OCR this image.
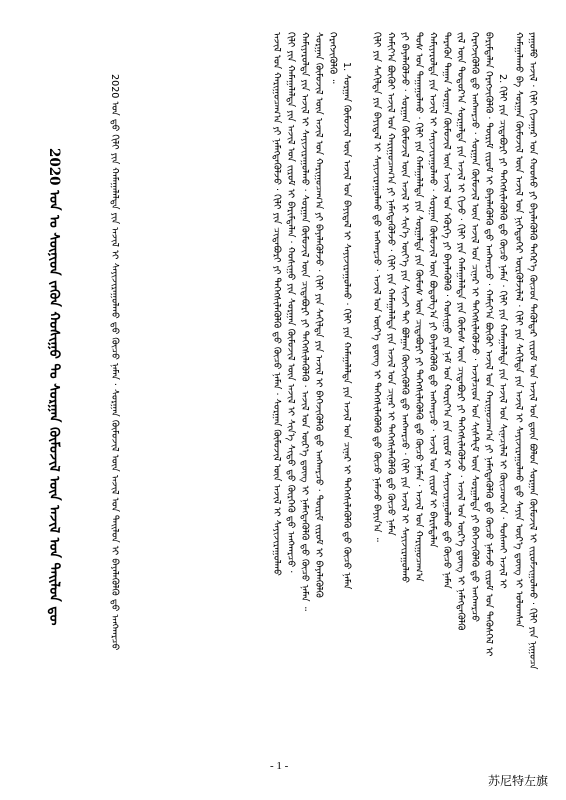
ᠶᠠᠭᠤᠮᠤ ᠠᠵᠢᠯ · ᠬᠢᠯᠢ ᠬᠢᠵᠠᠭᠠᠷ ᠤᠨ ᠬᠣᠤᠰᠤ ᠶᠢ ᠪᠡᠶᠡᠯᠡᠭᠦᠯᠬᠦ ᠳᠡᠭᠡᠷ᠎ᠡ ᠬᠦᠴᠦᠨ ᠲᠡᠭᠦᠯᠳᠡᠷ ᠵᠢᠷᠤᠮ ᠤᠨ ᠠᠵᠢᠯ ᠤᠨ ᠳ᠋ᠦᠨ ᠪᠣᠯᠤᠨ ᠰᠤᠷᠭᠠᠨ ᠬᠦᠮᠦᠵᠢᠯ ᠢ ᠵᠢᠷᠤᠮᠵᠢᠭᠤᠯᠬᠤ · ᠬᠢᠯᠢ ᠶᠢᠨ ᠨᠢᠭᠤᠴᠠ
ᠬᠠᠮᠠᠭᠠᠯᠠᠬᠤ ᠪᠠ ᠰᠤᠷᠭᠠᠨ ᠬᠦᠮᠦᠵᠢᠯ ᠦᠨ ᠠᠵᠢᠯ ᠤᠨ ᠨᠢᠭᠡᠳᠦᠭᠡᠷ ᠦᠷᠭᠦᠯᠵᠢᠯᠡᠯ · ᠬᠢᠯᠢ ᠶᠢᠨ ᠰᠠᠬᠢᠯᠲᠠ ᠶᠢᠨ ᠠᠵᠢᠯ ᠢ ᠰᠠᠶᠢᠵᠢᠷᠠᠭᠤᠯᠬᠤ ᠳ᠋ᠤ ᠰᠠᠶᠢᠨ ᠦᠷ᠎ᠡ ᠳ᠋ᠦᠩ ᠢ ᠣᠯᠤᠭᠰᠠᠨ
2. ᠬᠢᠯᠢ ᠶᠢᠨ ᠴᠢᠳᠠᠪᠤᠷᠢ ᠶᠢ ᠳᠡᠭᠡᠭᠰᠢᠯᠡᠭᠦᠯᠬᠦ ᠳ᠋ᠦ ᠬᠦᠴᠦ ᠨᠡᠮᠡᠨ · ᠬᠢᠯᠢ ᠶᠢᠨ ᠬᠠᠮᠠᠭᠠᠯᠠᠯᠲᠠ ᠶᠢᠨ ᠠᠵᠢᠯ ᠤᠨ ᠰᠢᠨᠡᠴᠢᠯᠡᠯ ᠢ ᠬᠦᠢᠴᠡᠳᠬᠡᠨ · ᠲᠤᠰᠬᠠᠢ ᠠᠵᠢᠯ ᠢ
ᠪᠠᠷᠢᠮᠲᠠᠯᠠᠨ ᠬᠡᠷᠡᠭᠵᠢᠭᠦᠯᠬᠦ · ᠳᠦᠷᠢᠮ ᠵᠢᠷᠤᠮ ᠢ ᠪᠡᠶᠡᠯᠡᠭᠦᠯᠬᠦ ᠳ᠋ᠦ ᠠᠩᠬᠠᠷᠴᠤ · ᠬᠠᠮᠢᠶ᠎ᠠ ᠪᠦᠬᠦᠢ ᠠᠵᠢᠯ ᠤᠨ ᠬᠠᠷᠢᠭᠤᠴᠠᠭ᠎ᠠ ᠶᠢ ᠨᠡᠮᠡᠭᠳᠡᠭᠦᠯᠬᠦ ᠳ᠋ᠦ ᠬᠦᠴᠦ ᠨᠡᠮᠡᠵᠦ ᠵᠢᠷᠤᠮ ᠤᠨ ᠲᠡᠭᠦᠰᠬᠡᠯ ᠢ
ᠬᠡᠷᠡᠭᠵᠢᠭᠦᠯᠬᠦ ᠳ᠋ᠦ ᠠᠩᠬᠠᠷᠴᠤ · ᠰᠤᠷᠭᠠᠨ ᠬᠦᠮᠦᠵᠢᠯ ᠦᠨ ᠠᠵᠢᠯ ᠤᠨ ᠴᠢᠨᠠᠷ ᠢ ᠳᠡᠭᠡᠭᠰᠢᠯᠡᠭᠦᠯᠵᠦ · ᠠᠵᠢᠯᠴᠢᠳ ᠤᠨ ᠰᠢᠰᠲ᠋ᠧᠮ ᠦᠨ ᠰᠤᠷᠭᠠᠯᠲᠠ ᠶᠢ ᠪᠡᠬᠡᠵᠢᠭᠦᠯᠬᠦ ᠳ᠋ᠦ ᠠᠨᠭᠬᠠᠷᠴᠤ
ᠵᠢᠯ ᠦᠨ ᠳᠤᠲᠤᠷ᠎ᠠ ᠰᠤᠷᠭᠠᠯᠲᠠ ᠶᠢᠨ ᠠᠵᠢᠯ ᠢ ᠬᠢᠵᠦ · ᠬᠢᠯᠢ ᠶᠢᠨ ᠬᠠᠮᠠᠭᠠᠯᠠᠯᠲᠠ ᠶᠢᠨ ᠬᠦᠮᠦᠰ ᠦᠨ ᠴᠢᠳᠠᠪᠤᠷᠢ ᠶᠢ ᠳᠡᠭᠡᠭᠰᠢᠯᠡᠭᠦᠯᠵᠦ · ᠠᠵᠢᠯ ᠤᠨ ᠦᠷ᠎ᠡ ᠳ᠋ᠦᠩ ᠢ ᠨᠡᠮᠡᠭᠳᠡᠭᠦᠯᠬᠦ
ᠲᠡᠷᠡᠭᠦᠨ ᠳᠠᠭᠠᠨ ᠰᠤᠷᠭᠠᠨ ᠬᠦᠮᠦᠵᠢᠯ ᠦᠨ ᠠᠵᠢᠯ ᠤᠨ ᠡᠭᠦᠷᠭᠡ ᠶᠢ ᠪᠡᠶᠡᠯᠡᠭᠦᠯᠬᠦ · ᠬᠣᠰᠢᠭᠤ ᠶᠢᠨ ᠨᠠᠮ ᠤᠨ ᠬᠣᠷᠢᠶ᠎ᠠ ᠶᠢᠨ ᠵᠢᠷᠤᠮ ᠢ ᠰᠠᠶᠢᠵᠢᠷᠠᠭᠤᠯᠬᠤ ᠳ᠋ᠤ ᠬᠦᠴᠦ ᠨᠡᠮᠡᠨ
ᠬᠠᠮᠢᠶᠠᠷᠤᠯᠲᠠ ᠶᠢᠨ ᠠᠵᠢᠯ ᠢ ᠰᠠᠶᠢᠵᠢᠷᠠᠭᠤᠯᠬᠤ · ᠰᠤᠷᠭᠠᠨ ᠬᠦᠮᠦᠵᠢᠯ ᠦᠨ ᠪᠣᠳᠤᠯᠭ᠎ᠠ ᠶᠢ ᠪᠡᠶᠡᠯᠡᠭᠦᠯᠬᠦ ᠳ᠋ᠦ ᠠᠩᠬᠠᠷᠴᠤ · ᠠᠵᠢᠯ ᠤᠨ ᠵᠢᠷᠤᠮ ᠢ ᠪᠠᠷᠢᠮᠲᠠᠯᠠᠨ
ᠲᠤᠰ ᠤᠨ ᠳᠠᠭᠠᠭᠤᠯᠬᠤ · ᠬᠢᠯᠢ ᠶᠢᠨ ᠬᠠᠮᠠᠭᠠᠯᠠᠯᠲᠠ ᠶᠢᠨ ᠰᠤᠷᠭᠠᠯᠲᠠ ᠶᠢᠨ ᠬᠦᠮᠦᠰ ᠦᠨ ᠴᠢᠳᠠᠪᠤᠷᠢ ᠶᠢ ᠳᠡᠭᠡᠭᠰᠢᠯᠡᠭᠦᠯᠬᠦ ᠳ᠋ᠦ ᠬᠦᠴᠦ ᠨᠡᠮᠡᠨ · ᠠᠵᠢᠯ ᠤᠨ ᠬᠠᠷᠢᠭᠤᠴᠠᠭ᠎ᠠ
ᠶᠢ ᠪᠡᠶᠡᠯᠡᠭᠦᠯᠵᠦ · ᠰᠤᠷᠭᠠᠨ ᠬᠦᠮᠦᠵᠢᠯ ᠦᠨ ᠠᠵᠢᠯ ᠢ ᠰᠢᠨ᠎ᠡ ᠦᠶ᠎ᠡ ᠶᠢᠨ ᠰᠢᠨᠵᠢ ᠲᠠᠢ ᠪᠣᠯᠭᠠᠨ ᠬᠦᠭᠵᠢᠭᠦᠯᠬᠦ ᠳ᠋ᠦ ᠠᠩᠬᠠᠷᠴᠤ · ᠬᠢᠯᠢ ᠶᠢᠨ ᠠᠵᠢᠯ ᠢ ᠰᠠᠶᠢᠵᠢᠷᠠᠭᠤᠯᠬᠤ
ᠬᠠᠮᠢᠶ᠎ᠠ ᠪᠦᠬᠦᠢ ᠠᠵᠢᠯ ᠤᠨ ᠬᠠᠷᠢᠭᠤᠴᠠᠭ᠎ᠠ ᠶᠢ ᠨᠡᠮᠡᠭᠳᠡᠭᠦᠯᠵᠦ · ᠬᠢᠯᠢ ᠶᠢᠨ ᠬᠠᠮᠠᠭᠠᠯᠠᠯᠲᠠ ᠶᠢᠨ ᠠᠵᠢᠯ ᠤᠨ ᠴᠢᠨᠠᠷ ᠢ ᠳᠡᠭᠡᠭᠰᠢᠯᠡᠭᠦᠯᠬᠦ ᠳ᠋ᠦ ᠬᠦᠴᠦ ᠨᠡᠮᠡᠨ
ᠬᠢᠯᠢ ᠶᠢᠨ ᠰᠠᠬᠢᠯᠲᠠ ᠶᠢᠨ ᠪᠠᠶᠢᠳᠠᠯ ᠢ ᠰᠠᠶᠢᠵᠢᠷᠠᠭᠤᠯᠬᠤ ᠳ᠋ᠤ ᠠᠩᠬᠠᠷᠴᠤ · ᠠᠵᠢᠯ ᠤᠨ ᠦᠷ᠎ᠡ ᠳ᠋ᠦᠩ ᠢ ᠳᠡᠭᠡᠭᠰᠢᠯᠡᠭᠦᠯᠬᠦ ᠳ᠋ᠦ ᠬᠦᠴᠦ ᠨᠡᠮᠡᠵᠦ ᠪᠠᠶᠢᠨ᠎ᠠ ᠃
1. ᠰᠤᠷᠭᠠᠨ ᠬᠦᠮᠦᠵᠢᠯ ᠦᠨ ᠠᠵᠢᠯ ᠤᠨ ᠪᠠᠶᠢᠳᠠᠯ ᠢ ᠰᠠᠶᠢᠵᠢᠷᠠᠭᠤᠯᠬᠤ · ᠬᠢᠯᠢ ᠶᠢᠨ ᠬᠠᠮᠠᠭᠠᠯᠠᠯᠲᠠ ᠶᠢᠨ ᠠᠵᠢᠯ ᠤᠨ ᠴᠢᠨᠠᠷ ᠢ ᠳᠡᠭᠡᠭᠰᠢᠯᠡᠭᠦᠯᠬᠦ ᠳ᠋ᠦ ᠬᠦᠴᠦ ᠨᠡᠮᠡᠨ
ᠬᠡᠷᠡᠭᠵᠢᠭᠦᠯᠬᠦ ᠃
ᠰᠤᠷᠭᠠᠨ ᠬᠦᠮᠦᠵᠢᠯ ᠦᠨ ᠠᠵᠢᠯ ᠤᠨ ᠬᠠᠷᠢᠭᠤᠴᠠᠭ᠎ᠠ ᠶᠢ ᠪᠡᠶᠡᠯᠡᠭᠦᠯᠵᠦ · ᠬᠢᠯᠢ ᠶᠢᠨ ᠰᠠᠬᠢᠯᠲᠠ ᠶᠢᠨ ᠠᠵᠢᠯ ᠢ ᠪᠡᠬᠡᠵᠢᠭᠦᠯᠬᠦ ᠳ᠋ᠦ ᠠᠩᠬᠠᠷᠴᠤ · ᠳᠦᠷᠢᠮ ᠵᠢᠷᠤᠮ ᠢ ᠪᠡᠶᠡᠯᠡᠭᠦᠯᠬᠦ
ᠬᠠᠮᠢᠶᠠᠷᠤᠯᠲᠠ ᠶᠢᠨ ᠠᠵᠢᠯ ᠢ ᠰᠠᠶᠢᠵᠢᠷᠠᠭᠤᠯᠬᠤ · ᠰᠤᠷᠭᠠᠨ ᠬᠦᠮᠦᠵᠢᠯ ᠦᠨ ᠴᠢᠳᠠᠪᠤᠷᠢ ᠶᠢ ᠳᠡᠭᠡᠭᠰᠢᠯᠡᠭᠦᠯᠬᠦ · ᠠᠵᠢᠯ ᠤᠨ ᠦᠷ᠎ᠡ ᠳ᠋ᠦᠩ ᠢ ᠨᠡᠮᠡᠭᠳᠡᠭᠦᠯᠬᠦ ᠳ᠋ᠦ ᠬᠦᠴᠦ ᠨᠡᠮᠡᠨ ᠃
ᠬᠢᠯᠢ ᠶᠢᠨ ᠬᠠᠮᠠᠭᠠᠯᠠᠯᠲᠠ ᠶᠢᠨ ᠠᠵᠢᠯ ᠤᠨ ᠵᠢᠷᠤᠮ ᠢ ᠪᠠᠷᠢᠮᠲᠠᠯᠠᠨ · ᠬᠣᠰᠢᠭᠤ ᠶᠢᠨ ᠰᠤᠷᠭᠠᠨ ᠬᠦᠮᠦᠵᠢᠯ ᠦᠨ ᠠᠵᠢᠯ ᠢ ᠰᠢᠨ᠎ᠡ ᠰᠢᠲᠦ ᠳ᠋ᠦ ᠬᠦᠷᠭᠡᠬᠦ ᠳ᠋ᠦ ᠠᠩᠬᠠᠷᠴᠤ ·
ᠠᠵᠢᠯ ᠤᠨ ᠬᠠᠷᠢᠭᠤᠴᠠᠭ᠎ᠠ ᠶᠢ ᠨᠡᠮᠡᠭᠳᠡᠭᠦᠯᠵᠦ · ᠬᠢᠯᠢ ᠶᠢᠨ ᠴᠢᠳᠠᠪᠤᠷᠢ ᠶᠢ ᠳᠡᠭᠡᠭᠰᠢᠯᠡᠭᠦᠯᠬᠦ ᠳ᠋ᠦ ᠬᠦᠴᠦ ᠨᠡᠮᠡᠨ · ᠰᠤᠷᠭᠠᠨ ᠬᠦᠮᠦᠵᠢᠯ ᠦᠨ ᠠᠵᠢᠯ ᠢ ᠰᠠᠶᠢᠵᠢᠷᠠᠭᠤᠯᠬᠤ
2020 ᠤᠨ ᠳ᠋ᠤ ᠬᠢᠯᠢ ᠶᠢᠨ ᠬᠠᠮᠠᠭᠠᠯᠠᠯᠲᠠ ᠶᠢᠨ ᠠᠵᠢᠯ ᠢ ᠰᠠᠶᠢᠵᠢᠷᠠᠭᠤᠯᠬᠤ ᠳ᠋ᠤ ᠬᠦᠴᠦ ᠨᠡᠮᠡᠨ · ᠰᠤᠷᠭᠠᠨ ᠬᠦᠮᠦᠵᠢᠯ ᠦᠨ ᠠᠵᠢᠯ ᠤᠨ ᠲᠡᠢᠯᠦᠨ ᠢ ᠪᠡᠶᠡᠯᠡᠭᠦᠯᠬᠦ ᠳ᠋ᠦ ᠠᠩᠬᠠᠷᠴᠤ
2020 ᠤᠨ ᠤ ᠰᠦᠨᠢᠳ ᠵᠡᠭᠦᠨ ᠬᠣᠰᠢᠭᠤ ᠲᠤ ᠰᠤᠷᠭᠠᠨ ᠬᠦᠮᠦᠵᠢᠯ ᠦᠨ ᠠᠵᠢᠯ ᠤᠨ ᠲᠡᠢᠯᠦᠨ ᠳᠦ
- 1 -
苏尼特左旗
